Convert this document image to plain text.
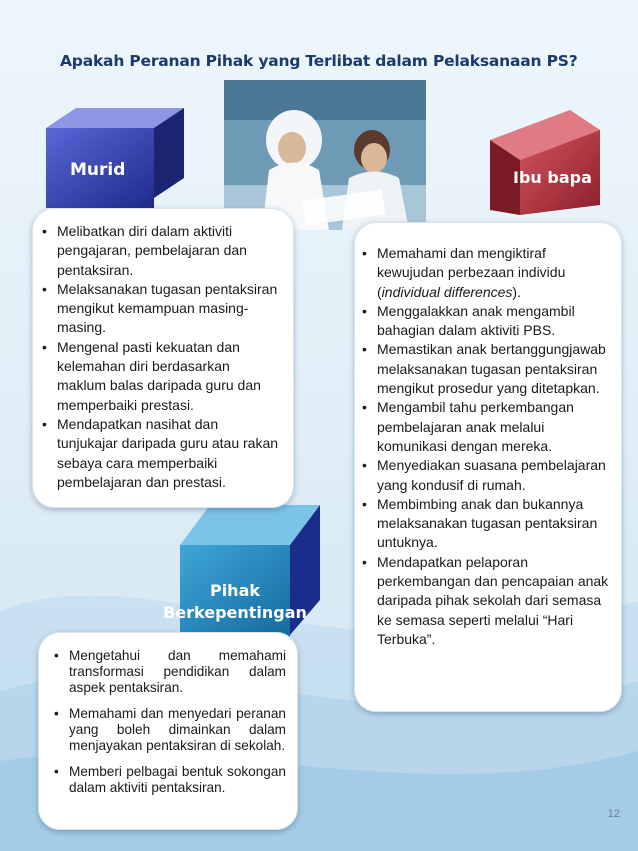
Apakah Peranan Pihak yang Terlibat dalam Pelaksanaan PS?
Murid	Ibu bapa
Pihak
Berkepentingan
• Melibatkan diri dalam aktiviti pengajaran, pembelajaran dan pentaksiran.
• Melaksanakan tugasan pentaksiran mengikut kemampuan masing-masing.
• Mengenal pasti kekuatan dan kelemahan diri berdasarkan maklum balas daripada guru dan memperbaiki prestasi.
• Mendapatkan nasihat dan tunjukajar daripada guru atau rakan sebaya cara memperbaiki pembelajaran dan prestasi.
• Memahami dan mengiktiraf kewujudan perbezaan individu (individual differences).
• Menggalakkan anak mengambil bahagian dalam aktiviti PBS.
• Memastikan anak bertanggungjawab melaksanakan tugasan pentaksiran mengikut prosedur yang ditetapkan.
• Mengambil tahu perkembangan pembelajaran anak melalui komunikasi dengan mereka.
• Menyediakan suasana pembelajaran yang kondusif di rumah.
• Membimbing anak dan bukannya melaksanakan tugasan pentaksiran untuknya.
• Mendapatkan pelaporan perkembangan dan pencapaian anak daripada pihak sekolah dari semasa ke semasa seperti melalui “Hari Terbuka”.
• Mengetahui dan memahami transformasi pendidikan dalam aspek pentaksiran.
• Memahami dan menyedari peranan yang boleh dimainkan dalam menjayakan pentaksiran di sekolah.
• Memberi pelbagai bentuk sokongan dalam aktiviti pentaksiran.
12
